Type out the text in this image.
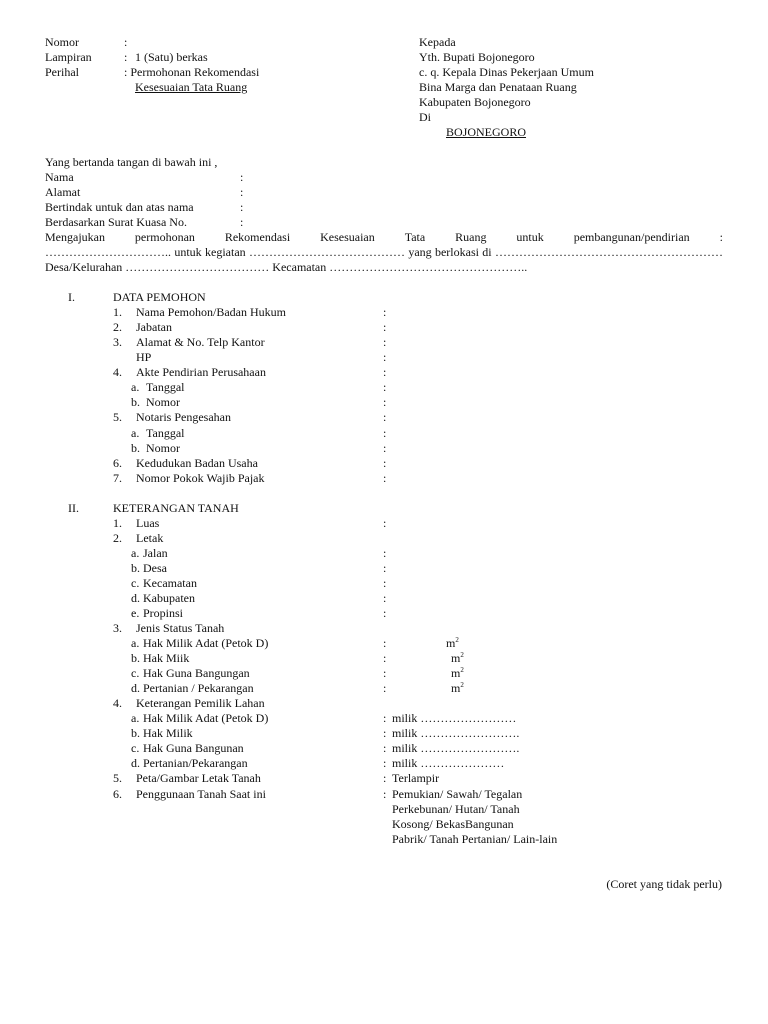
Nomor	:
Lampiran	: 1 (Satu) berkas
Perihal	: Permohonan Rekomendasi
Kesesuaian Tata Ruang
Kepada
Yth. Bupati Bojonegoro
c. q. Kepala Dinas Pekerjaan Umum
Bina Marga dan Penataan Ruang
Kabupaten Bojonegoro
Di
BOJONEGORO
Yang bertanda tangan di bawah ini ,
Nama	:
Alamat	:
Bertindak untuk dan atas nama	:
Berdasarkan Surat Kuasa No.	:
Mengajukan permohonan Rekomendasi Kesesuaian Tata Ruang untuk pembangunan/pendirian :
………………………….. untuk kegiatan ………………………………… yang berlokasi di …………………………………………………
Desa/Kelurahan ……………………………… Kecamatan …………………………………………..
I.	DATA PEMOHON
1. Nama Pemohon/Badan Hukum	:
2. Jabatan	:
3. Alamat & No. Telp Kantor	:
HP	:
4. Akte Pendirian Perusahaan	:
a. Tanggal	:
b. Nomor	:
5. Notaris Pengesahan	:
a. Tanggal	:
b. Nomor	:
6. Kedudukan Badan Usaha	:
7. Nomor Pokok Wajib Pajak	:
II.	KETERANGAN TANAH
1. Luas	:
2. Letak
a. Jalan	:
b. Desa	:
c. Kecamatan	:
d. Kabupaten	:
e. Propinsi	:
3. Jenis Status Tanah
a. Hak Milik Adat (Petok D)	:	$m^2$
b. Hak Miik	:	$m^2$
c. Hak Guna Bangungan	:	$m^2$
d. Pertanian / Pekarangan	:	$m^2$
4. Keterangan Pemilik Lahan
a. Hak Milik Adat (Petok D)	: milik ……………………
b. Hak Milik	: milik …………………….
c. Hak Guna Bangunan	: milik …………………….
d. Pertanian/Pekarangan	: milik …………………
5. Peta/Gambar Letak Tanah	: Terlampir
6. Penggunaan Tanah Saat ini	: Pemukian/ Sawah/ Tegalan
Perkebunan/ Hutan/ Tanah
Kosong/ BekasBangunan
Pabrik/ Tanah Pertanian/ Lain-lain
(Coret yang tidak perlu)
